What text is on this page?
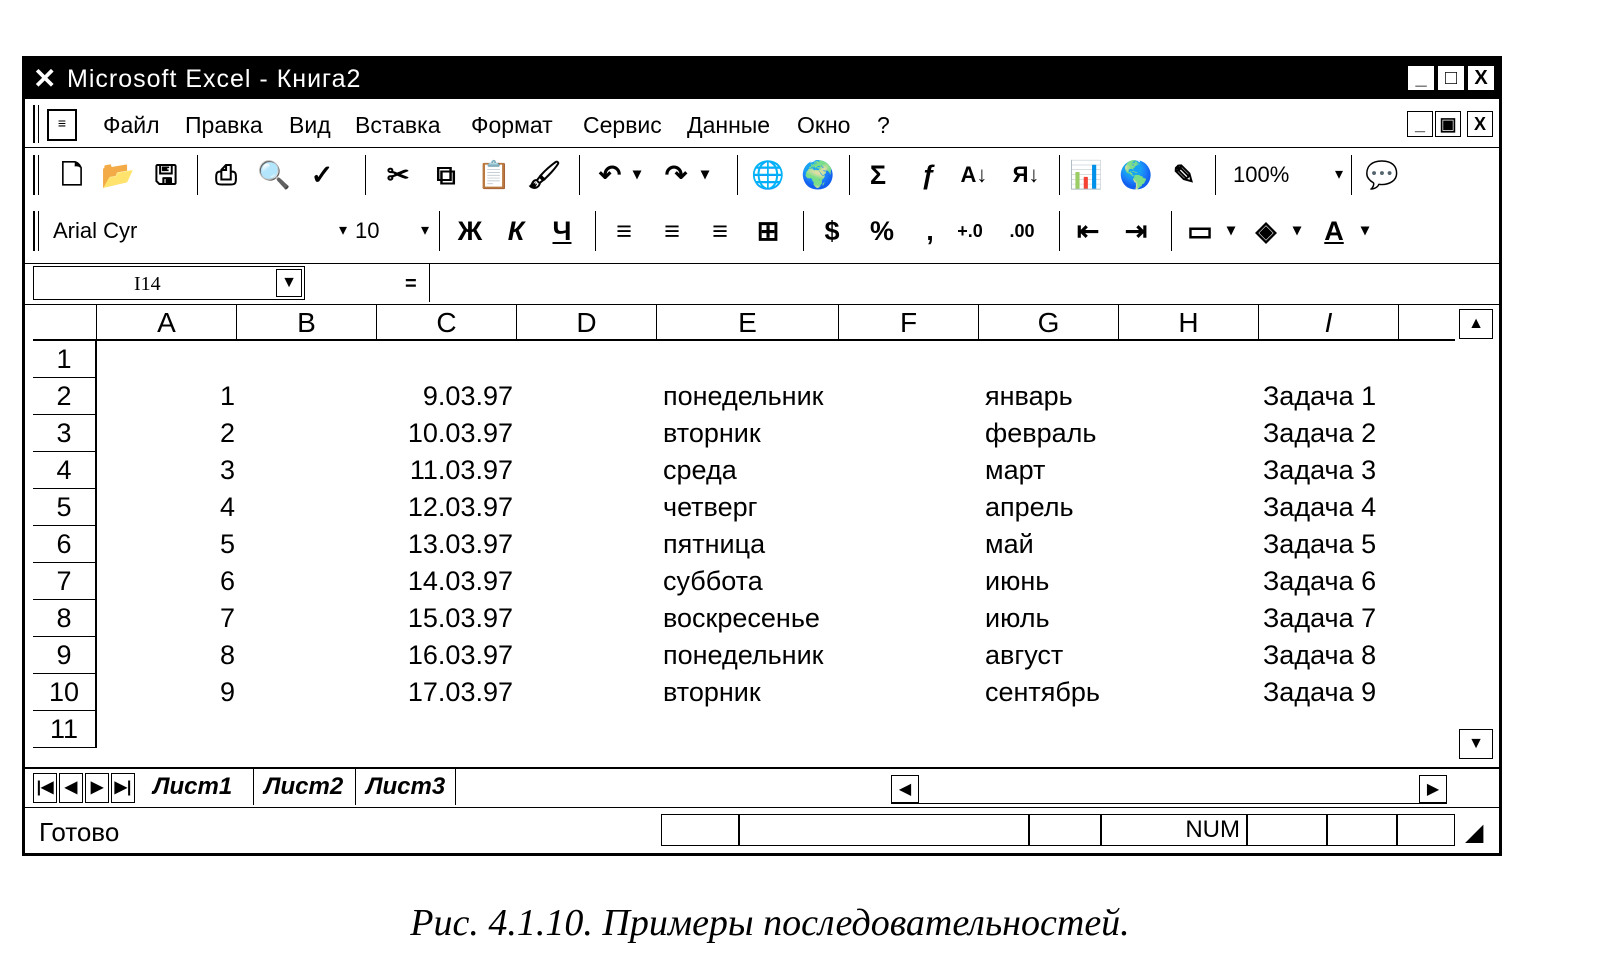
✕ Microsoft Excel - Книга2	_ □ X
≡	Файл Правка Вид Вставка Формат Сервис Данные Окно ?	_ ▣ X
🗋 📂 🖫 ⎙ 🔍 ✓ ✂ ⧉ 📋 🖌 ↶ ▾ ↷ ▾ 🌐 🌍	Σ	ƒ	A↓ Я↓ 📊 🌎 ✎ 100%	▾ 💬
Arial Cyr	▾ 10	▾ Ж К	Ч	≡	≡	≡	⊞	$	%	,	+.0 .00 ⇤ ⇥ ▭ ▾ ◈	▾ A	▾
I14	▼	=
A	B	C	D	E	F	G	H	I
1
2
3
4
5
6
7
8
9
10
11
1	9.03.97	понедельник	январь	Задача 1
2	10.03.97	вторник	февраль	Задача 2
3	11.03.97	среда	март	Задача 3
4	12.03.97	четверг	апрель	Задача 4
5	13.03.97	пятница	май	Задача 5
6	14.03.97	суббота	июнь	Задача 6
7	15.03.97	воскресенье	июль	Задача 7
8	16.03.97	понедельник	август	Задача 8
9	17.03.97	вторник	сентябрь	Задача 9
▲
▼
|◀ ◀ ▶ ▶| Лист1	Лист2 Лист3	◀	▶
Готово	NUM	◢
Рис. 4.1.10. Примеры последовательностей.
